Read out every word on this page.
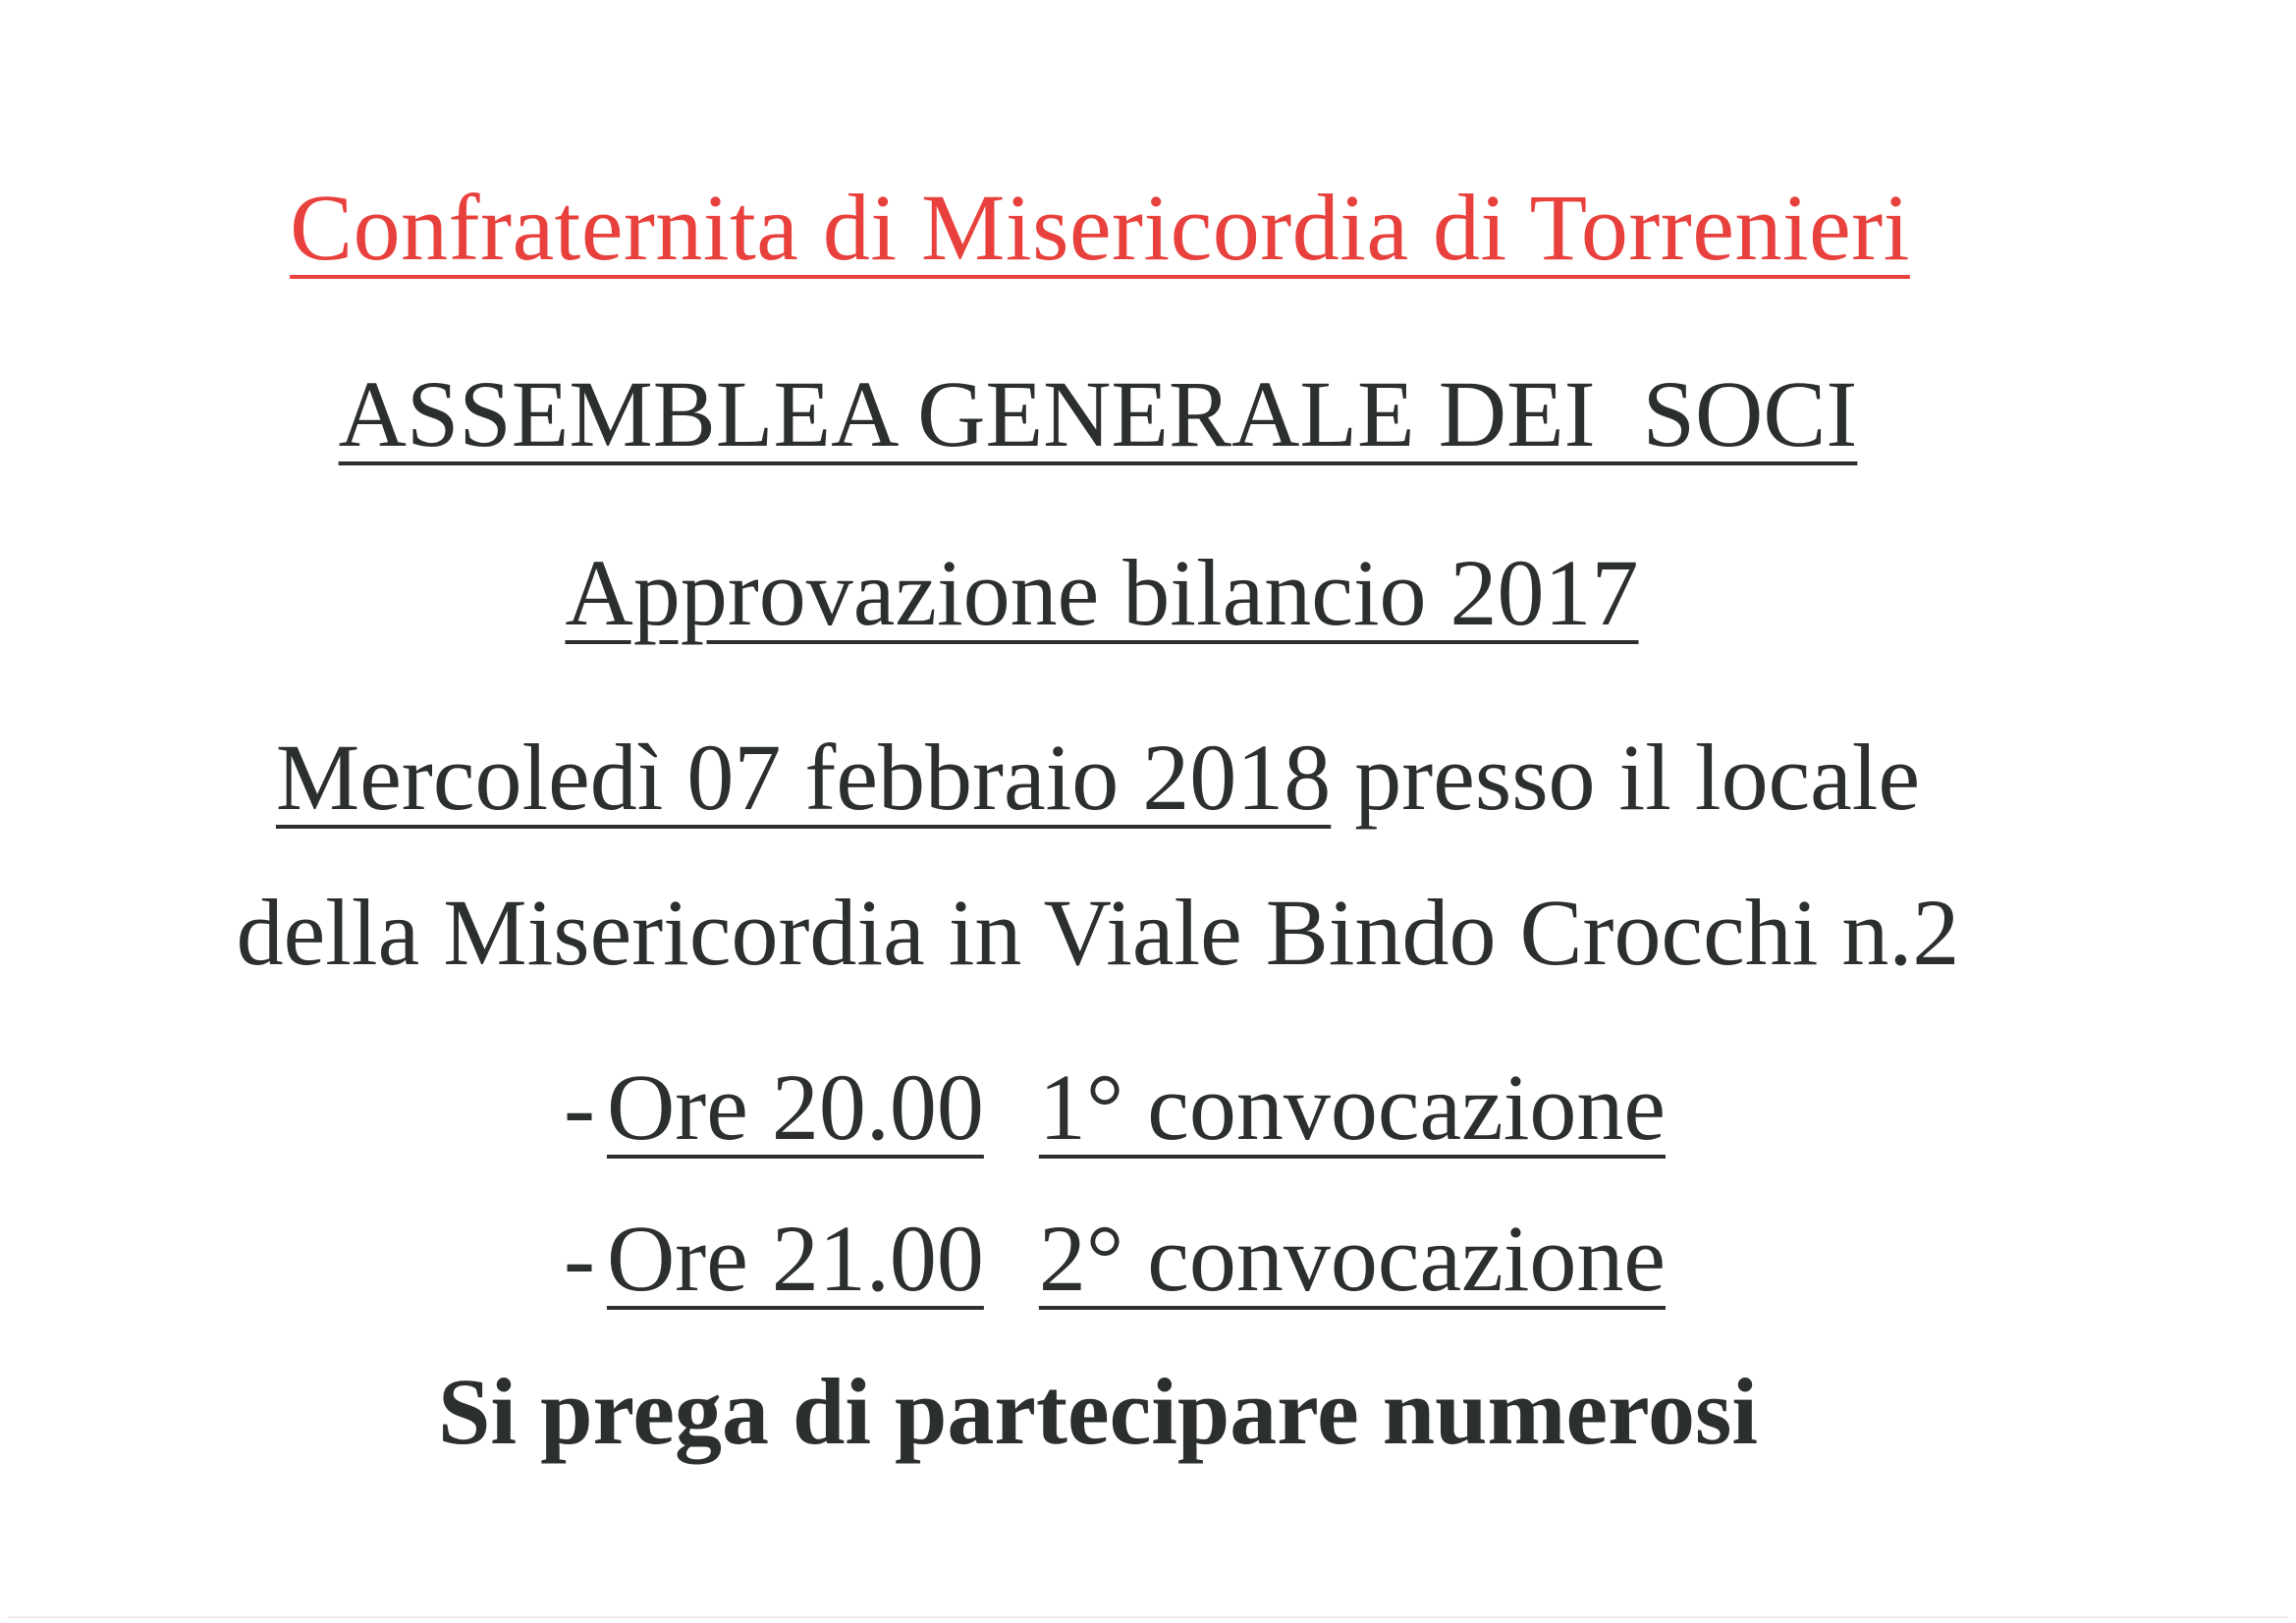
Confraternita di Misericordia di Torrenieri
ASSEMBLEA GENERALE DEI  SOCI
Approvazione bilancio 2017
Mercoledì 07 febbraio 2018 presso il locale
della Misericordia in Viale Bindo Crocchi n.2
- Ore 20.00 1° convocazione
- Ore 21.00 2° convocazione
Si prega di partecipare numerosi
